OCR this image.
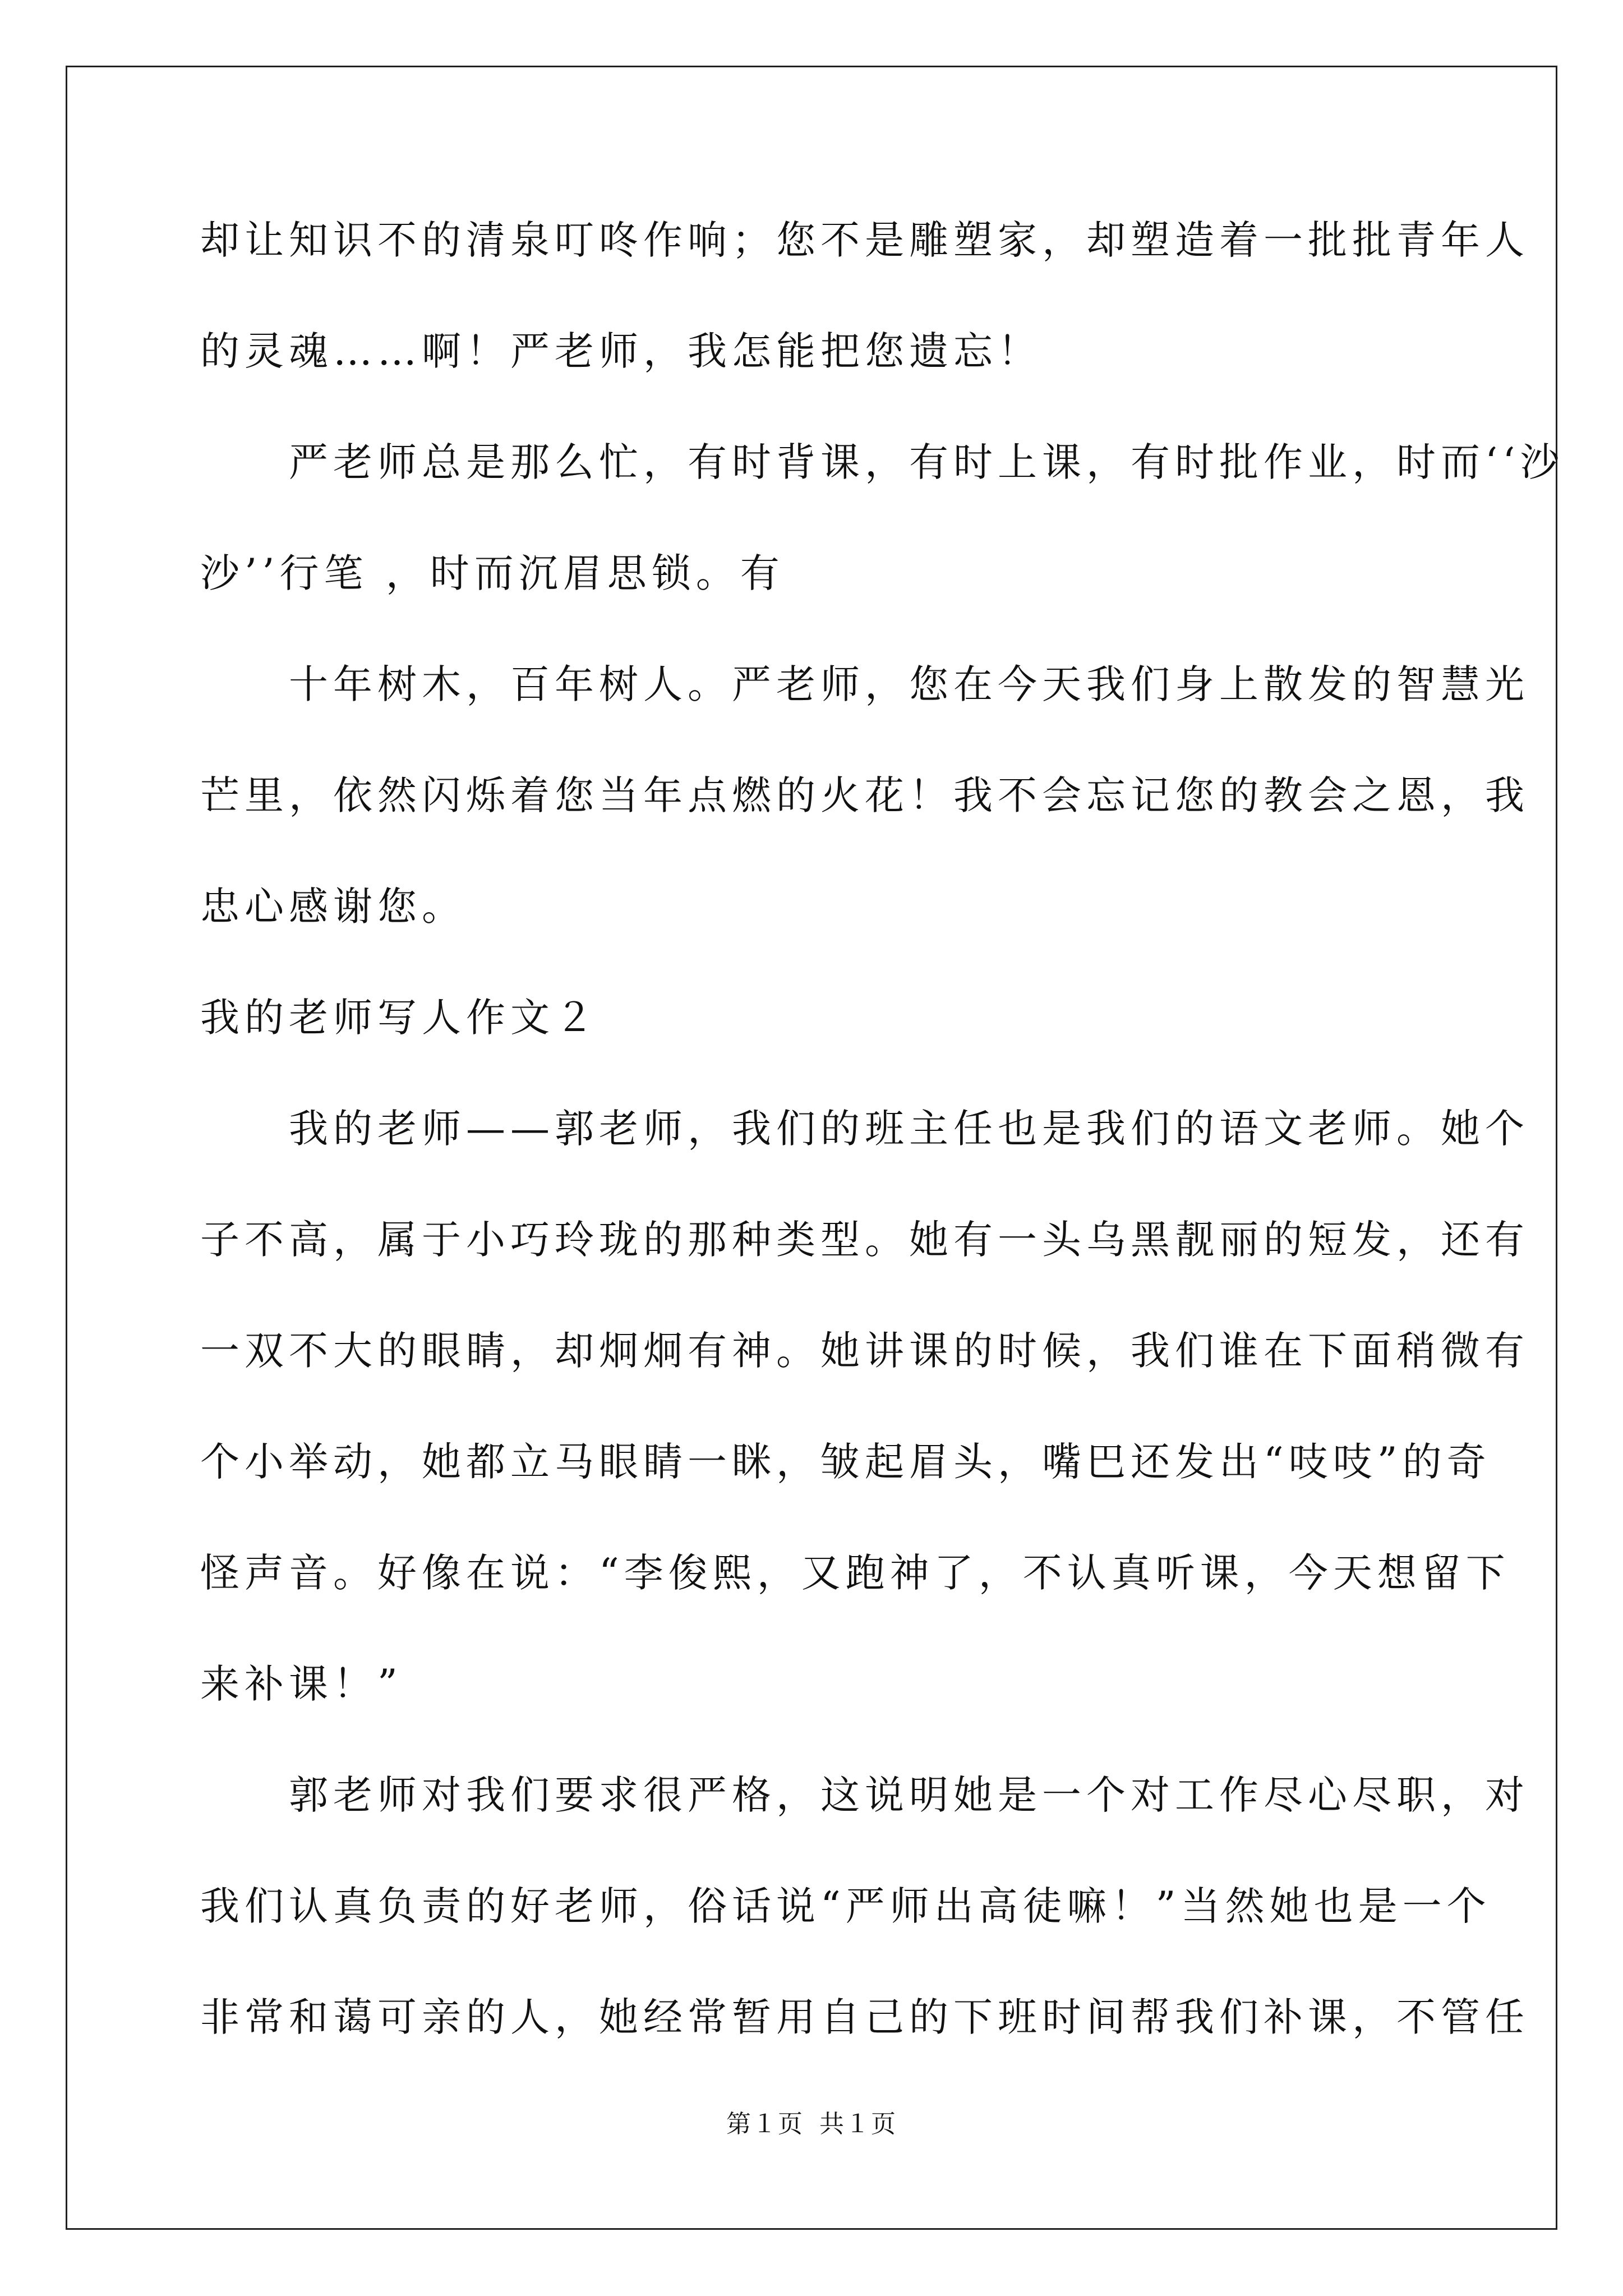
却让知识不的清泉叮咚作响；您不是雕塑家，却塑造着一批批青年人
的灵魂……啊！严老师，我怎能把您遗忘！
严老师总是那么忙，有时背课，有时上课，有时批作业，时而‘‘沙
沙’’行笔 ，时而沉眉思锁。有
十年树木，百年树人。严老师，您在今天我们身上散发的智慧光
芒里，依然闪烁着您当年点燃的火花！我不会忘记您的教会之恩，我
忠心感谢您。
我的老师写人作文２
我的老师——郭老师，我们的班主任也是我们的语文老师。她个
子不高，属于小巧玲珑的那种类型。她有一头乌黑靓丽的短发，还有
一双不大的眼睛，却炯炯有神。她讲课的时候，我们谁在下面稍微有
个小举动，她都立马眼睛一眯，皱起眉头，嘴巴还发出“吱吱”的奇
怪声音。好像在说：“李俊熙，又跑神了，不认真听课，今天想留下
来补课！”
郭老师对我们要求很严格，这说明她是一个对工作尽心尽职，对
我们认真负责的好老师，俗话说“严师出高徒嘛！”当然她也是一个
非常和蔼可亲的人，她经常暂用自己的下班时间帮我们补课，不管任
第１页 共１页
